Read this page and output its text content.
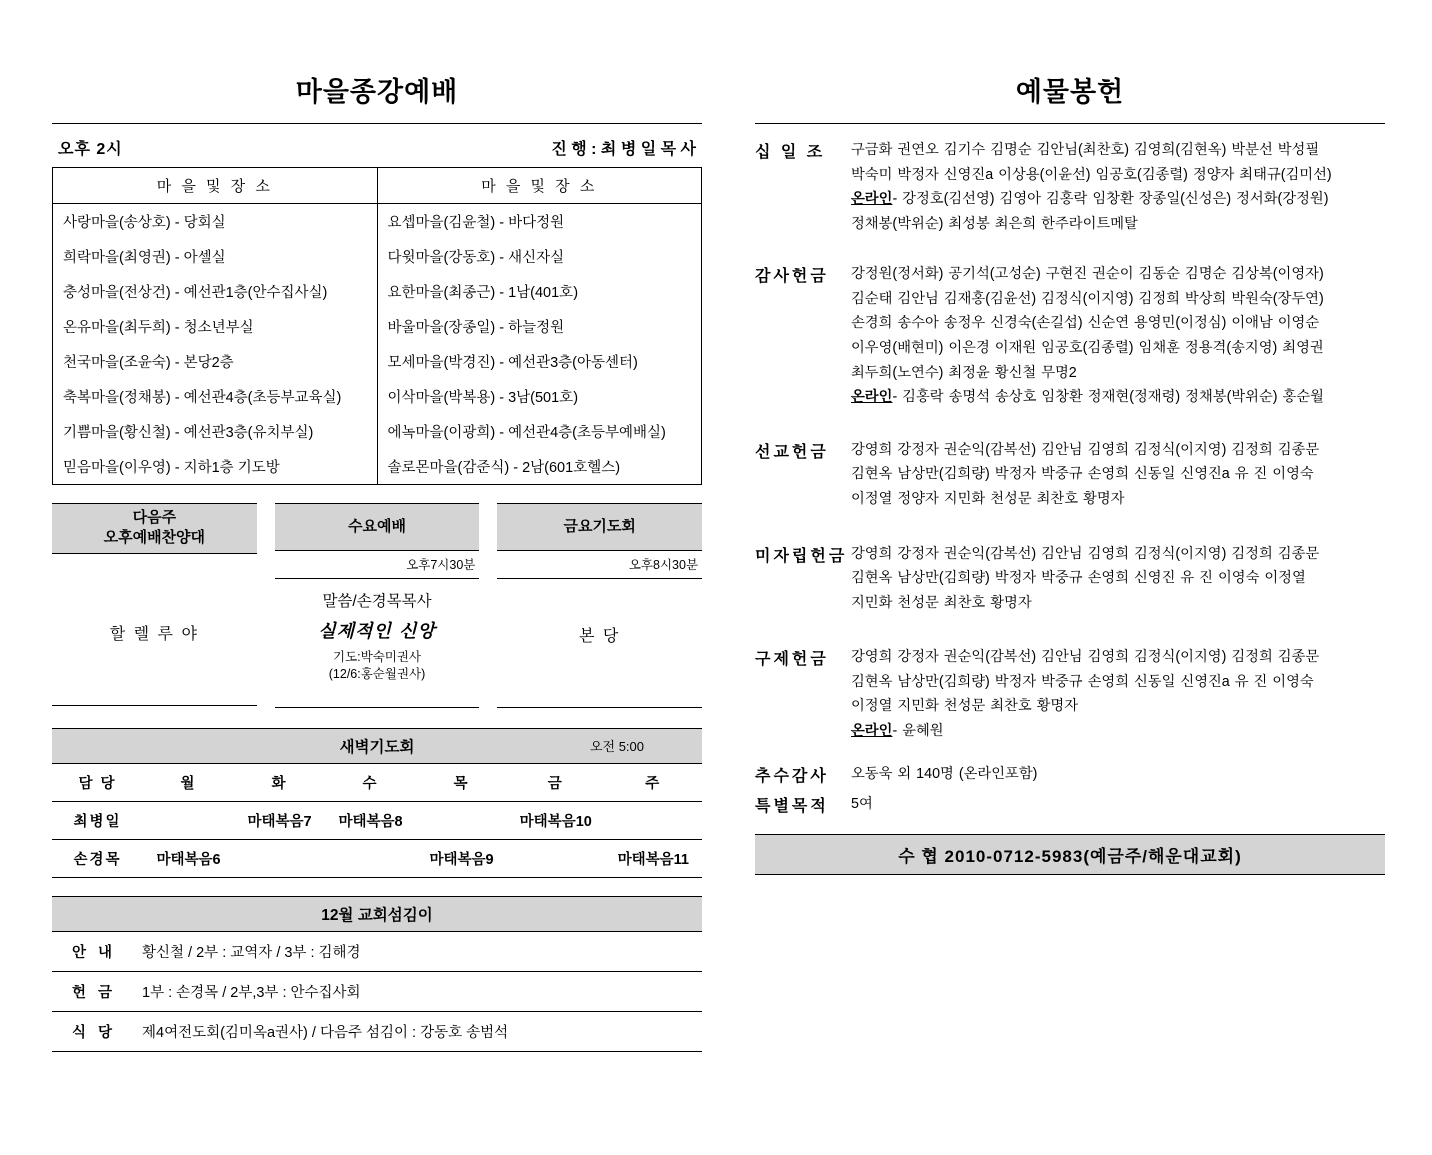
마을종강예배
오후 2시	진 행 : 최 병 일 목 사
마 을 및 장 소	마 을 및 장 소
사랑마을(송상호) - 당회실	요셉마을(김윤철) - 바다정원
희락마을(최영권) - 아셀실	다윗마을(강동호) - 새신자실
충성마을(전상건) - 예선관1층(안수집사실)	요한마을(최종근) - 1남(401호)
온유마을(최두희) - 청소년부실	바울마을(장종일) - 하늘정원
천국마을(조윤숙) - 본당2층	모세마을(박경진) - 예선관3층(아동센터)
축복마을(정채봉) - 예선관4층(초등부교육실)	이삭마을(박복용) - 3남(501호)
기쁨마을(황신철) - 예선관3층(유치부실)	에녹마을(이광희) - 예선관4층(초등부예배실)
믿음마을(이우영) - 지하1층 기도방	솔로몬마을(감준식) - 2남(601호헬스)
다음주
오후예배찬양대

할 렐 루 야
수요예배
오후7시30분
말씀/손경목목사
실제적인 신앙
기도:박숙미권사
(12/6:홍순월권사)
금요기도회
오후8시30분
본 당
새벽기도회	오전 5:00
담 당	월	화	수	목	금	주
최병일		마태복음7	마태복음8		마태복음10	
손경목	마태복음6			마태복음9		마태복음11
12월 교회섬김이
안 내	황신철 / 2부 : 교역자 / 3부 : 김해경
헌 금	1부 : 손경목 / 2부,3부 : 안수집사회
식 당	제4여전도회(김미옥a권사) / 다음주 섬김이 : 강동호 송범석
예물봉헌
십 일 조	구금화 권연오 김기수 김명순 김안님(최찬호) 김영희(김현옥) 박분선 박성필
박숙미 박정자 신영진a 이상용(이윤선) 임공호(김종렬) 정양자 최태규(김미선)
온라인- 강정호(김선영) 김영아 김홍락 임창환 장종일(신성은) 정서화(강정원)
정채봉(박위순) 최성봉 최은희 한주라이트메탈
감사헌금	강정원(정서화) 공기석(고성순) 구현진 권순이 김동순 김명순 김상복(이영자)
김순태 김안님 김재홍(김윤선) 김정식(이지영) 김정희 박상희 박원숙(장두연)
손경희 송수아 송정우 신경숙(손길섭) 신순연 용영민(이정심) 이애남 이영순
이우영(배현미) 이은경 이재원 임공호(김종렬) 임채훈 정용격(송지영) 최영권
최두희(노연수) 최정윤 황신철 무명2
온라인- 김홍락 송명석 송상호 임창환 정재현(정재령) 정채봉(박위순) 홍순월
선교헌금	강영희 강정자 권순익(감복선) 김안님 김영희 김정식(이지영) 김정희 김종문
김현옥 남상만(김희량) 박정자 박중규 손영희 신동일 신영진a 유 진 이영숙
이정열 정양자 지민화 천성문 최찬호 황명자
미자립헌금 강영희 강정자 권순익(감복선) 김안님 김영희 김정식(이지영) 김정희 김종문
김현옥 남상만(김희량) 박정자 박중규 손영희 신영진 유 진 이영숙 이정열
지민화 천성문 최찬호 황명자
구제헌금	강영희 강정자 권순익(감복선) 김안님 김영희 김정식(이지영) 김정희 김종문
김현옥 남상만(김희량) 박정자 박중규 손영희 신동일 신영진a 유 진 이영숙
이정열 지민화 천성문 최찬호 황명자
온라인- 윤혜원
추수감사	오동욱 외 140명 (온라인포함)
특별목적	5여
수 협 2010-0712-5983(예금주/해운대교회)
